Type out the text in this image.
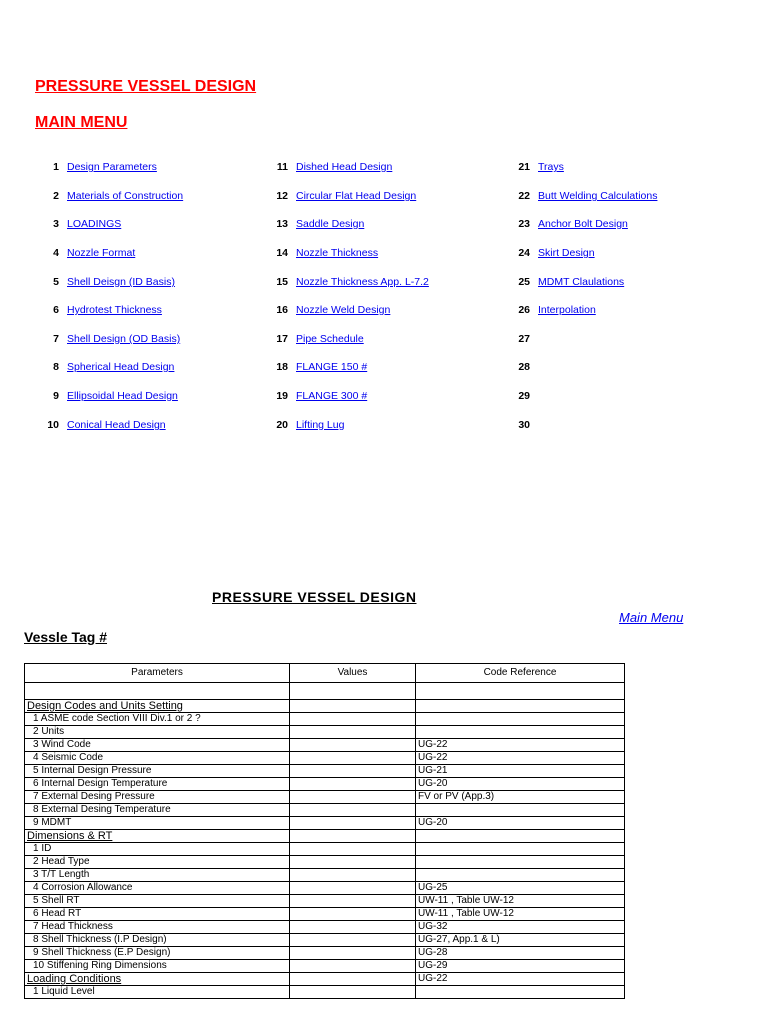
PRESSURE VESSEL DESIGN
MAIN MENU
1 Design Parameters
2 Materials of Construction
3 LOADINGS
4 Nozzle Format
5 Shell Deisgn (ID Basis)
6 Hydrotest Thickness
7 Shell Design (OD Basis)
8 Spherical Head Design
9 Ellipsoidal Head Design
10 Conical Head Design
11 Dished Head Design
12 Circular Flat Head Design
13 Saddle Design
14 Nozzle Thickness
15 Nozzle Thickness App. L-7.2
16 Nozzle Weld Design
17 Pipe Schedule
18 FLANGE 150 #
19 FLANGE 300 #
20 Lifting Lug
21 Trays
22 Butt Welding Calculations
23 Anchor Bolt Design
24 Skirt Design
25 MDMT Claulations
26 Interpolation
27
28
29
30
PRESSURE VESSEL DESIGN
Main Menu
Vessle Tag #
Parameters	Values	Code Reference

Design Codes and Units Setting		
1 ASME code Section VIII Div.1 or 2 ?		
2 Units		
3 Wind Code		UG-22
4 Seismic Code		UG-22
5 Internal Design Pressure		UG-21
6 Internal Design Temperature		UG-20
7 External Desing Pressure		FV or PV (App.3)
8 External Desing Temperature		
9 MDMT		UG-20
Dimensions & RT		
1 ID		
2 Head Type		
3 T/T Length		
4 Corrosion Allowance		UG-25
5 Shell RT		UW-11 , Table UW-12
6 Head RT		UW-11 , Table UW-12
7 Head Thickness		UG-32
8 Shell Thickness (I.P Design)		UG-27, App.1 & L)
9 Shell Thickness (E.P Design)		UG-28
10 Stiffening Ring Dimensions		UG-29
Loading Conditions		UG-22
1 Liquid Level		
